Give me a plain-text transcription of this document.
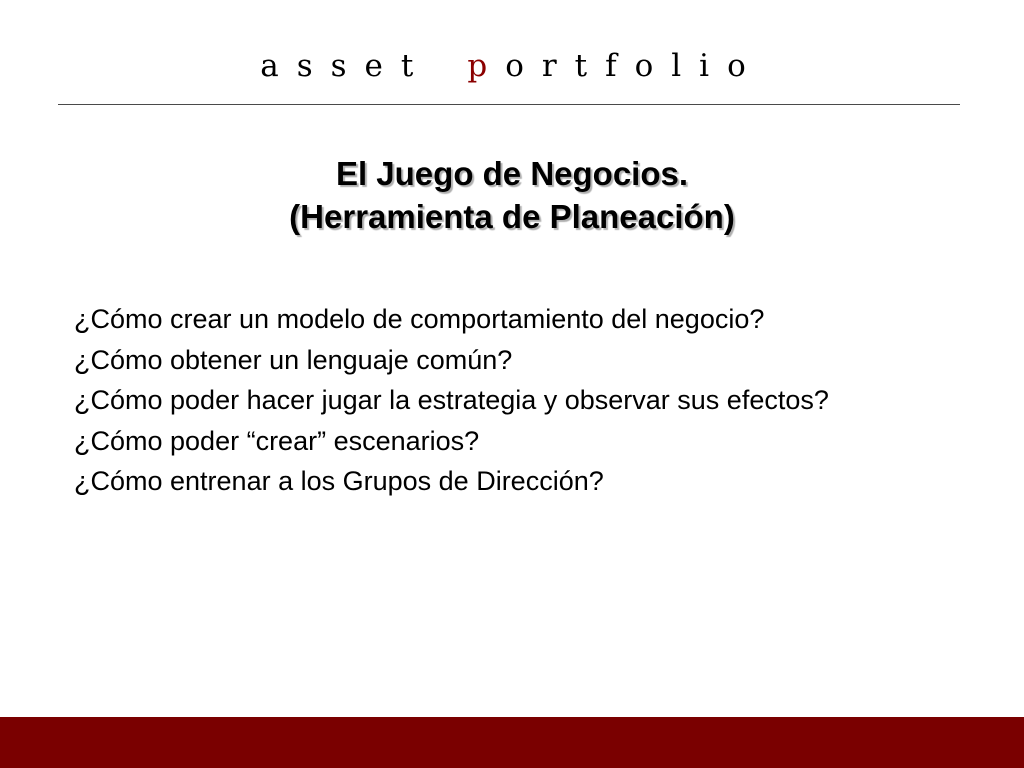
asset portfolio
El Juego de Negocios.
(Herramienta de Planeación)
¿Cómo crear un modelo de comportamiento del negocio?
¿Cómo obtener un lenguaje común?
¿Cómo poder hacer jugar la estrategia y observar sus efectos?
¿Cómo poder “crear” escenarios?
¿Cómo entrenar a los Grupos de Dirección?
